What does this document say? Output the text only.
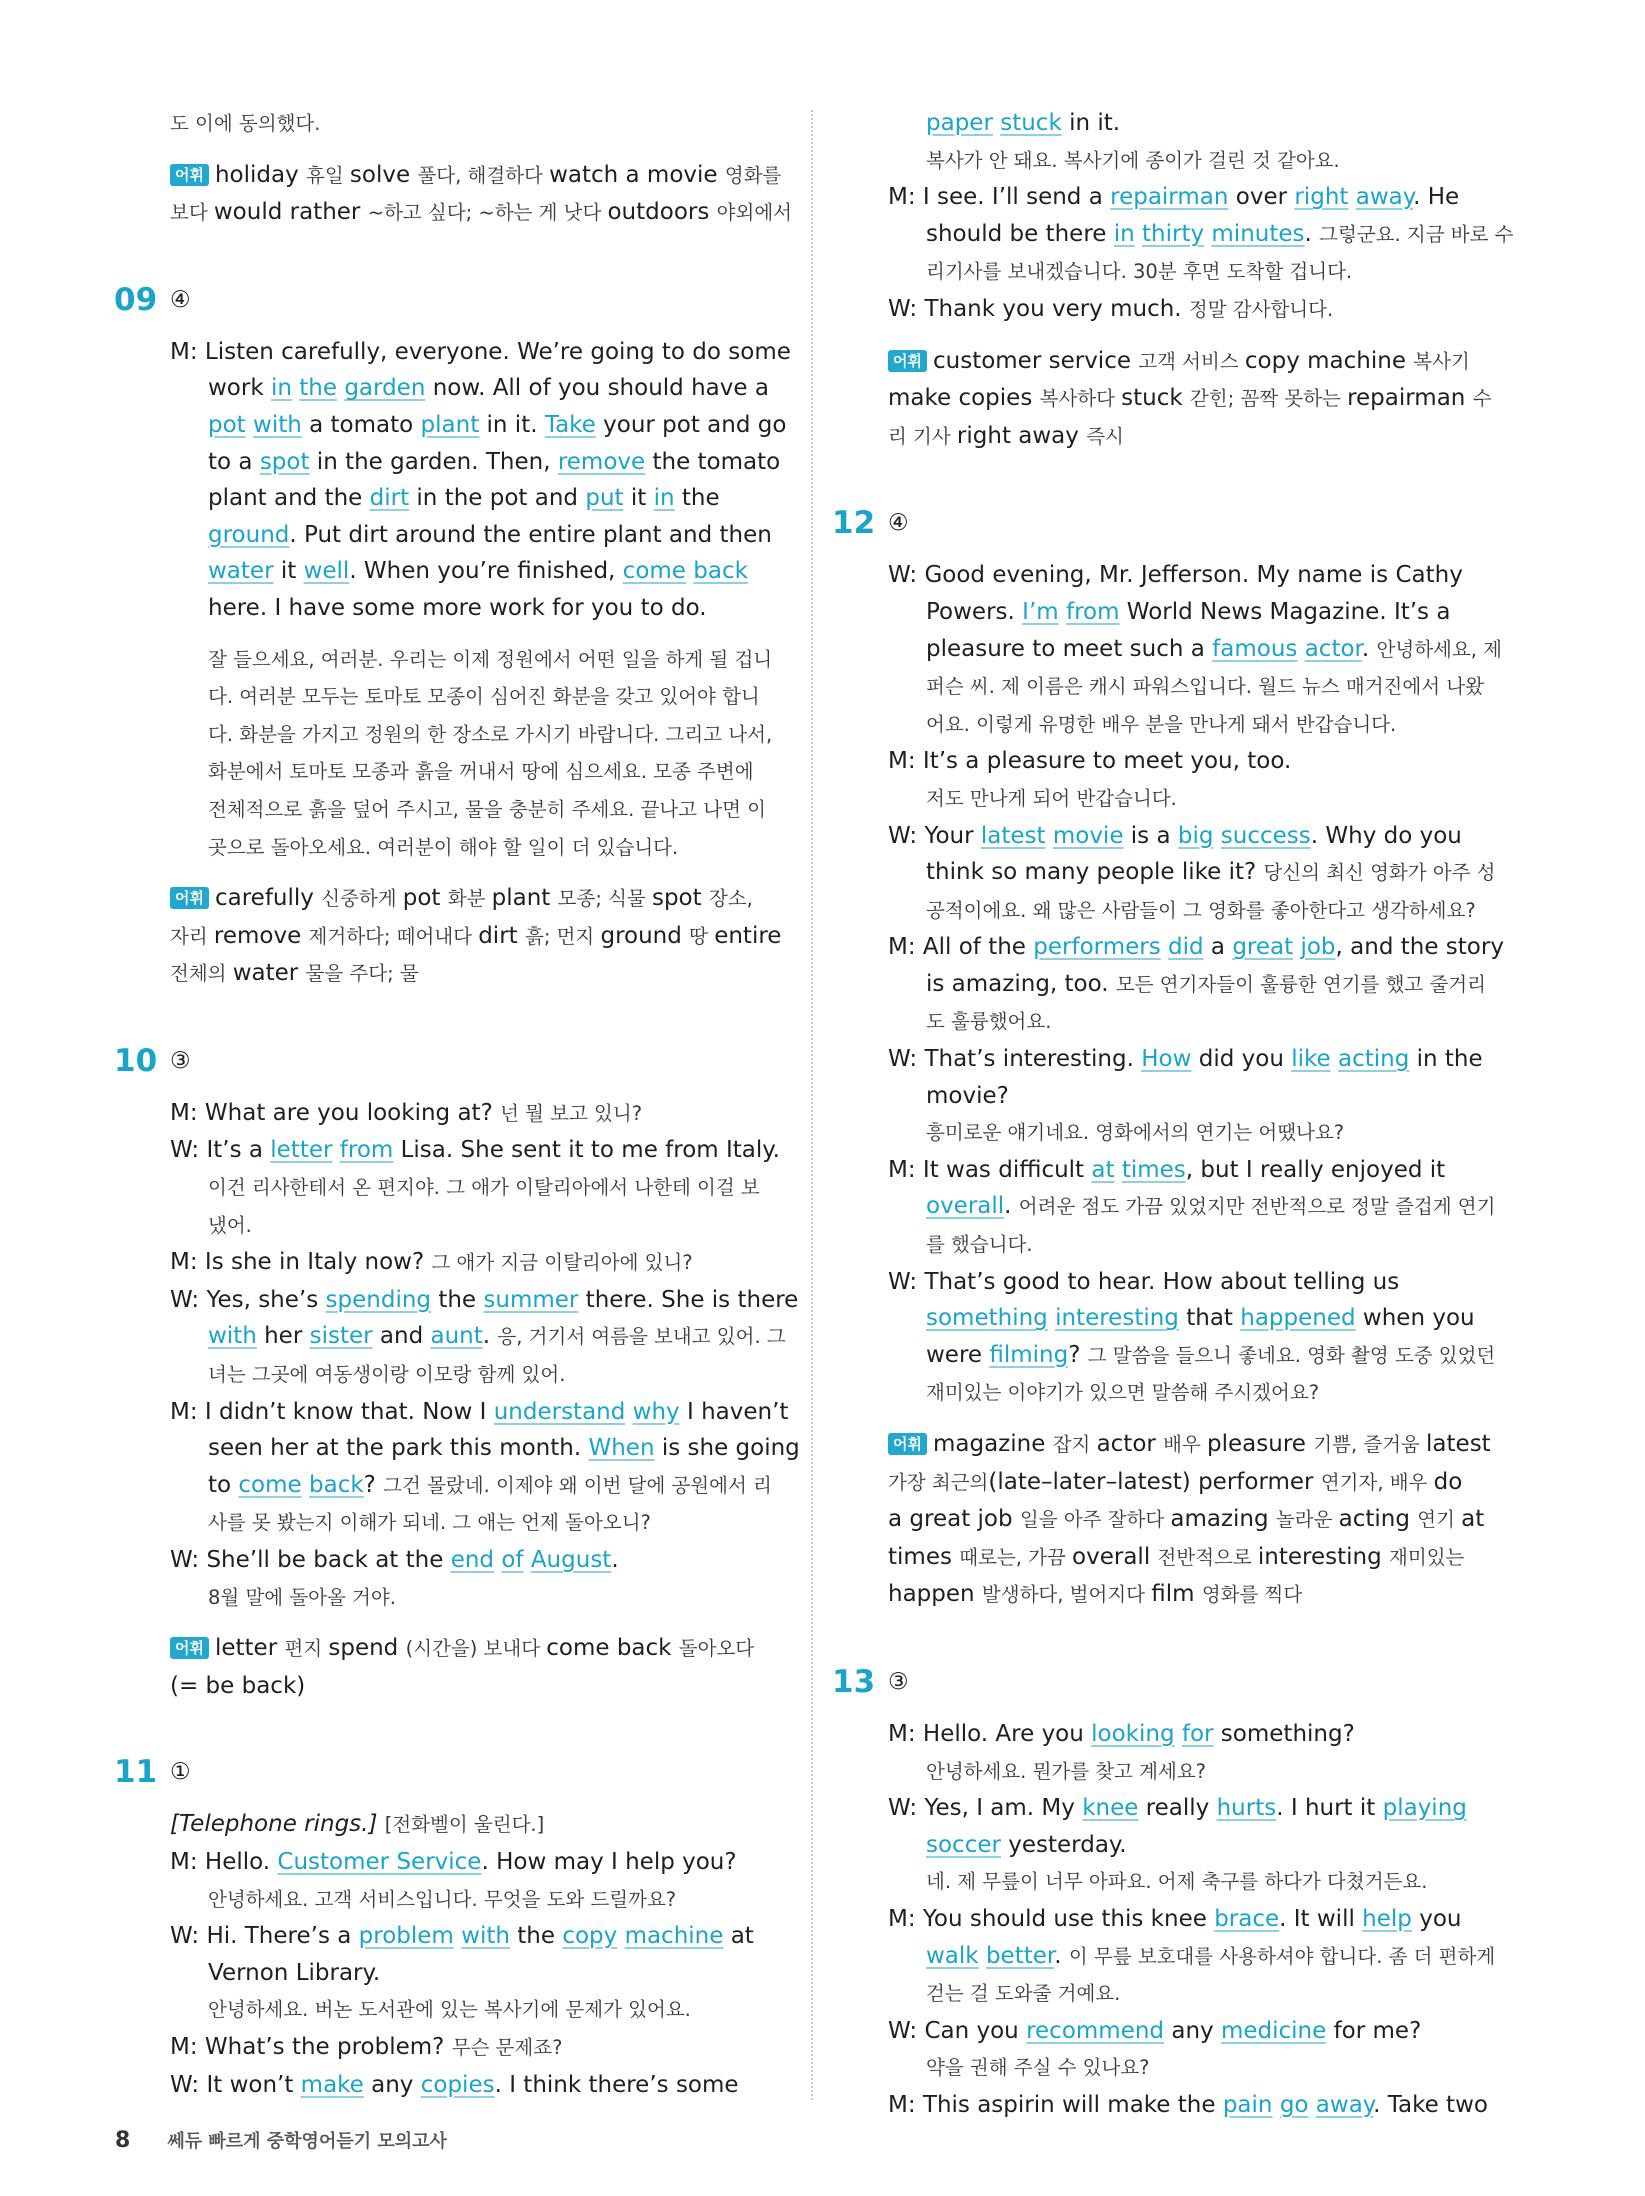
도 이에 동의했다.
어휘 holiday 휴일 solve 풀다, 해결하다 watch a movie 영화를
보다 would rather ~하고 싶다; ~하는 게 낫다 outdoors 야외에서
09 ④
M: Listen carefully, everyone. We’re going to do some
work in the garden now. All of you should have a
pot with a tomato plant in it. Take your pot and go
to a spot in the garden. Then, remove the tomato
plant and the dirt in the pot and put it in the
ground. Put dirt around the entire plant and then
water it well. When you’re finished, come back
here. I have some more work for you to do.
잘 들으세요, 여러분. 우리는 이제 정원에서 어떤 일을 하게 될 겁니
다. 여러분 모두는 토마토 모종이 심어진 화분을 갖고 있어야 합니
다. 화분을 가지고 정원의 한 장소로 가시기 바랍니다. 그리고 나서,
화분에서 토마토 모종과 흙을 꺼내서 땅에 심으세요. 모종 주변에
전체적으로 흙을 덮어 주시고, 물을 충분히 주세요. 끝나고 나면 이
곳으로 돌아오세요. 여러분이 해야 할 일이 더 있습니다.
어휘 carefully 신중하게 pot 화분 plant 모종; 식물 spot 장소,
자리 remove 제거하다; 떼어내다 dirt 흙; 먼지 ground 땅 entire
전체의 water 물을 주다; 물
10 ③
M: What are you looking at? 넌 뭘 보고 있니?
W: It’s a letter from Lisa. She sent it to me from Italy.
이건 리사한테서 온 편지야. 그 애가 이탈리아에서 나한테 이걸 보
냈어.
M: Is she in Italy now? 그 애가 지금 이탈리아에 있니?
W: Yes, she’s spending the summer there. She is there
with her sister and aunt. 응, 거기서 여름을 보내고 있어. 그
녀는 그곳에 여동생이랑 이모랑 함께 있어.
M: I didn’t know that. Now I understand why I haven’t
seen her at the park this month. When is she going
to come back? 그건 몰랐네. 이제야 왜 이번 달에 공원에서 리
사를 못 봤는지 이해가 되네. 그 애는 언제 돌아오니?
W: She’ll be back at the end of August.
8월 말에 돌아올 거야.
어휘 letter 편지 spend (시간을) 보내다 come back 돌아오다
(= be back)
11 ①
[Telephone rings.] [전화벨이 울린다.]
M: Hello. Customer Service. How may I help you?
안녕하세요. 고객 서비스입니다. 무엇을 도와 드릴까요?
W: Hi. There’s a problem with the copy machine at
Vernon Library.
안녕하세요. 버논 도서관에 있는 복사기에 문제가 있어요.
M: What’s the problem? 무슨 문제죠?
W: It won’t make any copies. I think there’s some
paper stuck in it.
복사가 안 돼요. 복사기에 종이가 걸린 것 같아요.
M: I see. I’ll send a repairman over right away. He
should be there in thirty minutes. 그렇군요. 지금 바로 수
리기사를 보내겠습니다. 30분 후면 도착할 겁니다.
W: Thank you very much. 정말 감사합니다.
어휘 customer service 고객 서비스 copy machine 복사기
make copies 복사하다 stuck 갇힌; 꼼짝 못하는 repairman 수
리 기사 right away 즉시
12 ④
W: Good evening, Mr. Jefferson. My name is Cathy
Powers. I’m from World News Magazine. It’s a
pleasure to meet such a famous actor. 안녕하세요, 제
퍼슨 씨. 제 이름은 캐시 파워스입니다. 월드 뉴스 매거진에서 나왔
어요. 이렇게 유명한 배우 분을 만나게 돼서 반갑습니다.
M: It’s a pleasure to meet you, too.
저도 만나게 되어 반갑습니다.
W: Your latest movie is a big success. Why do you
think so many people like it? 당신의 최신 영화가 아주 성
공적이에요. 왜 많은 사람들이 그 영화를 좋아한다고 생각하세요?
M: All of the performers did a great job, and the story
is amazing, too. 모든 연기자들이 훌륭한 연기를 했고 줄거리
도 훌륭했어요.
W: That’s interesting. How did you like acting in the
movie?
흥미로운 얘기네요. 영화에서의 연기는 어땠나요?
M: It was difficult at times, but I really enjoyed it
overall. 어려운 점도 가끔 있었지만 전반적으로 정말 즐겁게 연기
를 했습니다.
W: That’s good to hear. How about telling us
something interesting that happened when you
were filming? 그 말씀을 들으니 좋네요. 영화 촬영 도중 있었던
재미있는 이야기가 있으면 말씀해 주시겠어요?
어휘 magazine 잡지 actor 배우 pleasure 기쁨, 즐거움 latest
가장 최근의(late–later–latest) performer 연기자, 배우 do
a great job 일을 아주 잘하다 amazing 놀라운 acting 연기 at
times 때로는, 가끔 overall 전반적으로 interesting 재미있는
happen 발생하다, 벌어지다 film 영화를 찍다
13 ③
M: Hello. Are you looking for something?
안녕하세요. 뭔가를 찾고 계세요?
W: Yes, I am. My knee really hurts. I hurt it playing
soccer yesterday.
네. 제 무릎이 너무 아파요. 어제 축구를 하다가 다쳤거든요.
M: You should use this knee brace. It will help you
walk better. 이 무릎 보호대를 사용하셔야 합니다. 좀 더 편하게
걷는 걸 도와줄 거예요.
W: Can you recommend any medicine for me?
약을 권해 주실 수 있나요?
M: This aspirin will make the pain go away. Take two
8 쎄듀 빠르게 중학영어듣기 모의고사
